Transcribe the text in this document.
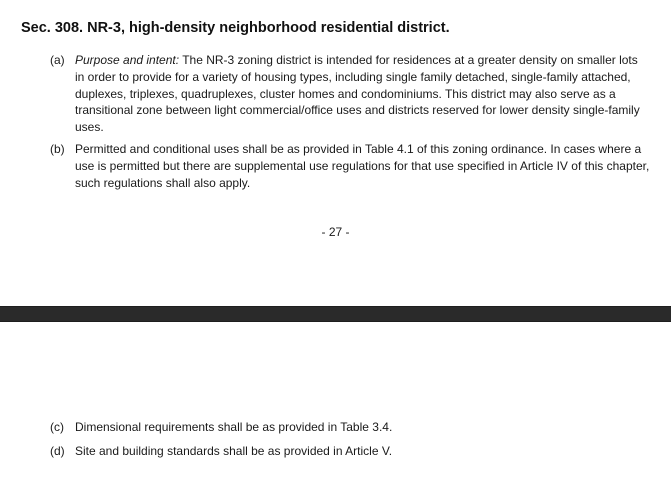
Sec. 308. NR-3, high-density neighborhood residential district.
(a) Purpose and intent: The NR-3 zoning district is intended for residences at a greater density on smaller lots in order to provide for a variety of housing types, including single family detached, single-family attached, duplexes, triplexes, quadruplexes, cluster homes and condominiums. This district may also serve as a transitional zone between light commercial/office uses and districts reserved for lower density single-family uses.
(b) Permitted and conditional uses shall be as provided in Table 4.1 of this zoning ordinance. In cases where a use is permitted but there are supplemental use regulations for that use specified in Article IV of this chapter, such regulations shall also apply.
- 27 -
(c) Dimensional requirements shall be as provided in Table 3.4.
(d) Site and building standards shall be as provided in Article V.
